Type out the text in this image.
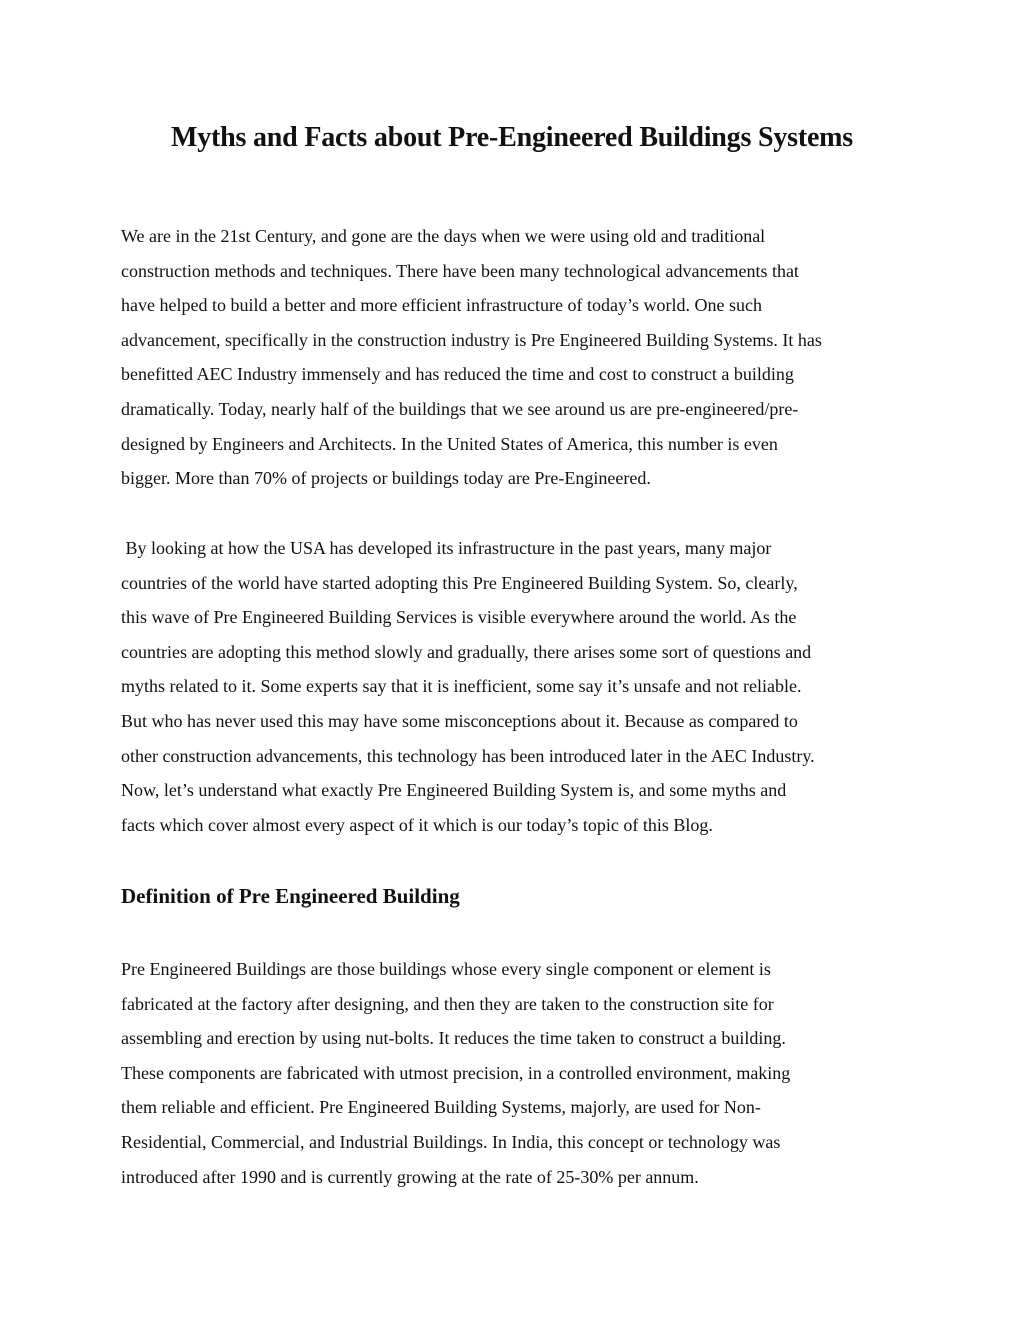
Myths and Facts about Pre-Engineered Buildings Systems

We are in the 21st Century, and gone are the days when we were using old and traditional
construction methods and techniques. There have been many technological advancements that
have helped to build a better and more efficient infrastructure of today’s world. One such
advancement, specifically in the construction industry is Pre Engineered Building Systems. It has
benefitted AEC Industry immensely and has reduced the time and cost to construct a building
dramatically. Today, nearly half of the buildings that we see around us are pre-engineered/pre-
designed by Engineers and Architects. In the United States of America, this number is even
bigger. More than 70% of projects or buildings today are Pre-Engineered.

By looking at how the USA has developed its infrastructure in the past years, many major
countries of the world have started adopting this Pre Engineered Building System. So, clearly,
this wave of Pre Engineered Building Services is visible everywhere around the world. As the
countries are adopting this method slowly and gradually, there arises some sort of questions and
myths related to it. Some experts say that it is inefficient, some say it’s unsafe and not reliable.
But who has never used this may have some misconceptions about it. Because as compared to
other construction advancements, this technology has been introduced later in the AEC Industry.
Now, let’s understand what exactly Pre Engineered Building System is, and some myths and
facts which cover almost every aspect of it which is our today’s topic of this Blog.

Definition of Pre Engineered Building

Pre Engineered Buildings are those buildings whose every single component or element is
fabricated at the factory after designing, and then they are taken to the construction site for
assembling and erection by using nut-bolts. It reduces the time taken to construct a building.
These components are fabricated with utmost precision, in a controlled environment, making
them reliable and efficient. Pre Engineered Building Systems, majorly, are used for Non-
Residential, Commercial, and Industrial Buildings. In India, this concept or technology was
introduced after 1990 and is currently growing at the rate of 25-30% per annum.
